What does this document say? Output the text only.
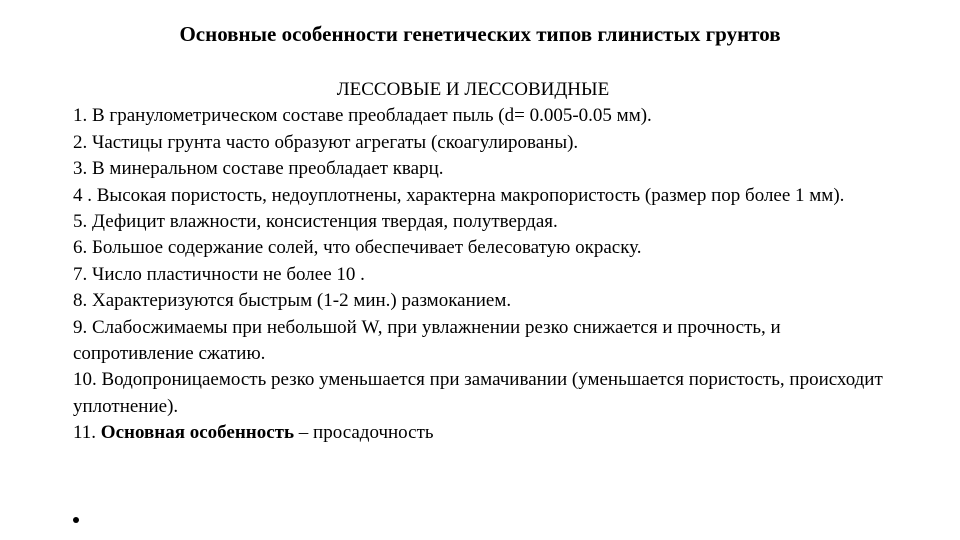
Основные особенности генетических типов глинистых грунтов
ЛЕССОВЫЕ И ЛЕССОВИДНЫЕ
1. В гранулометрическом составе преобладает пыль (d= 0.005-0.05 мм).
2. Частицы грунта часто образуют агрегаты (скоагулированы).
3. В минеральном составе преобладает кварц.
4 . Высокая пористость, недоуплотнены, характерна макропористость (размер пор более 1 мм).
5. Дефицит влажности, консистенция твердая, полутвердая.
6. Большое содержание солей, что обеспечивает белесоватую окраску.
7. Число пластичности не более 10 .
8. Характеризуются быстрым (1-2 мин.) размоканием.
9. Слабосжимаемы при небольшой W, при увлажнении резко снижается и прочность, и сопротивление сжатию.
10. Водопроницаемость резко уменьшается при замачивании (уменьшается пористость, происходит уплотнение).
11. Основная особенность – просадочность
